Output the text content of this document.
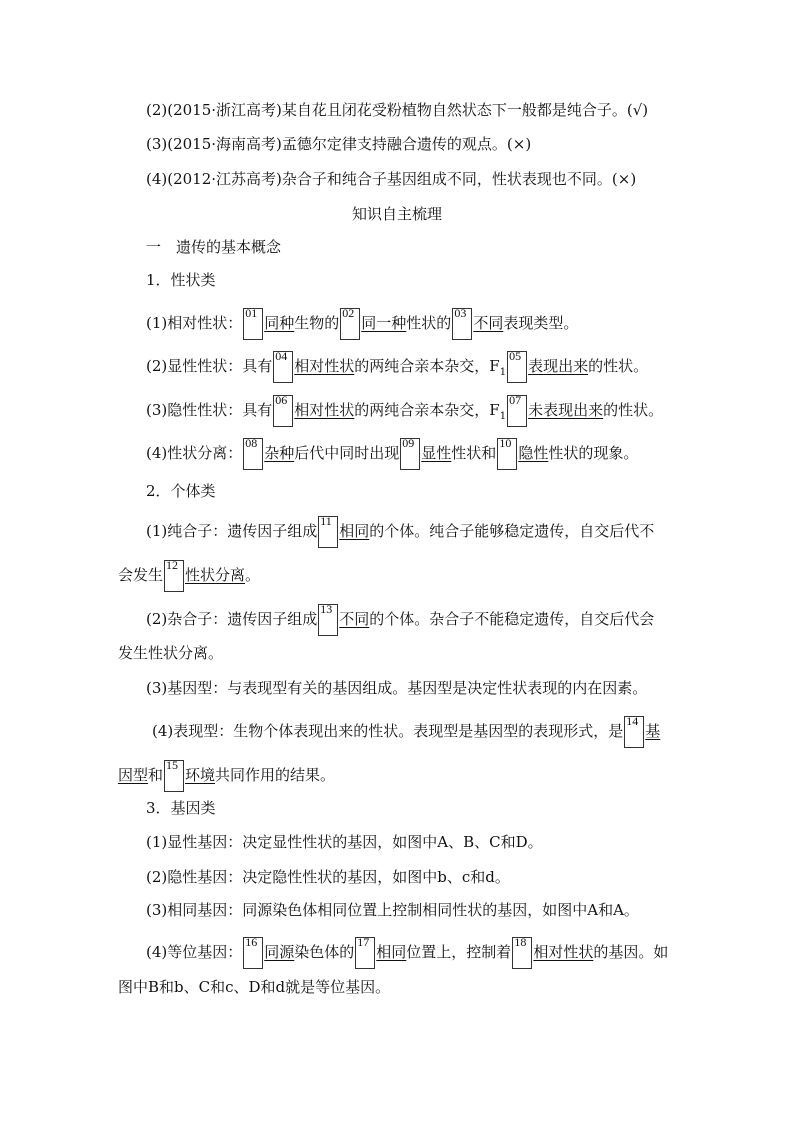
(2)(2015·浙江高考)某自花且闭花受粉植物自然状态下一般都是纯合子。(√)
(3)(2015·海南高考)孟德尔定律支持融合遗传的观点。(×)
(4)(2012·江苏高考)杂合子和纯合子基因组成不同，性状表现也不同。(×)
知识自主梳理
一　遗传的基本概念
1．性状类
(1)相对性状：
01
同种生物的
02
同一种性状的
03
不同表现类型。
(2)显性性状：具有
04
相对性状的两纯合亲本杂交，$F_1$
05
表现出来的性状。
(3)隐性性状：具有
06
相对性状的两纯合亲本杂交，$F_1$
07
未表现出来的性状。
(4)性状分离：
08
杂种后代中同时出现
09
显性性状和
10
隐性性状的现象。
2．个体类
(1)纯合子：遗传因子组成
11
相同的个体。纯合子能够稳定遗传，自交后代不
会发生
12
性状分离。
(2)杂合子：遗传因子组成
13
不同的个体。杂合子不能稳定遗传，自交后代会
发生性状分离。
(3)基因型：与表现型有关的基因组成。基因型是决定性状表现的内在因素。
(4)表现型：生物个体表现出来的性状。表现型是基因型的表现形式，是
14
基
因型和
15
环境共同作用的结果。
3．基因类
(1)显性基因：决定显性性状的基因，如图中A、B、C和D。
(2)隐性基因：决定隐性性状的基因，如图中b、c和d。
(3)相同基因：同源染色体相同位置上控制相同性状的基因，如图中A和A。
(4)等位基因：
16
同源染色体的
17
相同位置上，控制着
18
相对性状的基因。如
图中B和b、C和c、D和d就是等位基因。
